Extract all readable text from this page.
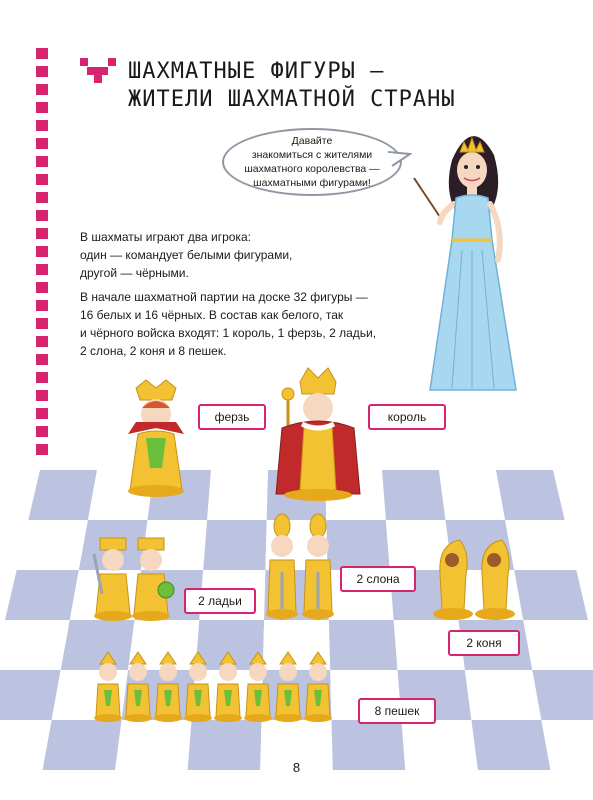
ШАХМАТНЫЕ ФИГУРЫ —
ЖИТЕЛИ ШАХМАТНОЙ СТРАНЫ
Давайте
знакомиться с жителями
шахматного королевства —
шахматными фигурами!

В шахматы играют два игрока:
один — командует белыми фигурами,
другой — чёрными.

В начале шахматной партии на доске 32 фигуры —
16 белых и 16 чёрных. В состав как белого, так
и чёрного войска входят: 1 король, 1 ферзь, 2 ладьи,
2 слона, 2 коня и 8 пешек.

ферзь	король
2 ладьи
2 слона
2 коня
8 пешек
8
